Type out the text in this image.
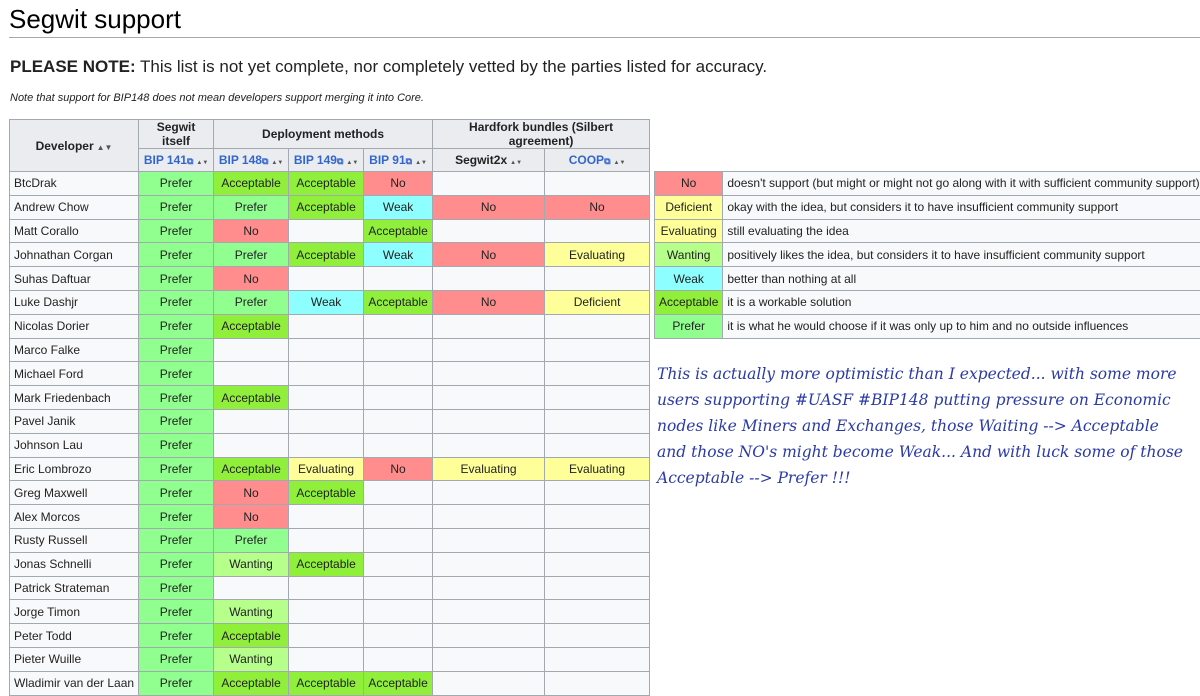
Segwit support
PLEASE NOTE: This list is not yet complete, nor completely vetted by the parties listed for accuracy.
Note that support for BIP148 does not mean developers support merging it into Core.
Developer ▲▼	Segwit itself	Deployment methods			Hardfork bundles (Silbert agreement)	
	BIP 141⧉ ▲▼	BIP 148⧉ ▲▼	BIP 149⧉ ▲▼	BIP 91⧉ ▲▼	Segwit2x ▲▼	COOP⧉ ▲▼
BtcDrak	Prefer	Acceptable	Acceptable	No		
Andrew Chow	Prefer	Prefer	Acceptable	Weak	No	No
Matt Corallo	Prefer	No		Acceptable		
Johnathan Corgan	Prefer	Prefer	Acceptable	Weak	No	Evaluating
Suhas Daftuar	Prefer	No				
Luke Dashjr	Prefer	Prefer	Weak	Acceptable	No	Deficient
Nicolas Dorier	Prefer	Acceptable				
Marco Falke	Prefer					
Michael Ford	Prefer					
Mark Friedenbach	Prefer	Acceptable				
Pavel Janik	Prefer					
Johnson Lau	Prefer					
Eric Lombrozo	Prefer	Acceptable	Evaluating	No	Evaluating	Evaluating
Greg Maxwell	Prefer	No	Acceptable			
Alex Morcos	Prefer	No				
Rusty Russell	Prefer	Prefer				
Jonas Schnelli	Prefer	Wanting	Acceptable			
Patrick Strateman	Prefer					
Jorge Timon	Prefer	Wanting				
Peter Todd	Prefer	Acceptable				
Pieter Wuille	Prefer	Wanting				
Wladimir van der Laan	Prefer	Acceptable	Acceptable	Acceptable		
No	doesn't support (but might or might not go along with it with sufficient community support)
Deficient	okay with the idea, but considers it to have insufficient community support
Evaluating	still evaluating the idea
Wanting	positively likes the idea, but considers it to have insufficient community support
Weak	better than nothing at all
Acceptable	it is a workable solution
Prefer	it is what he would choose if it was only up to him and no outside influences
This is actually more optimistic than I expected... with some more users supporting #UASF #BIP148 putting pressure on Economic nodes like Miners and Exchanges, those Waiting --> Acceptable and those NO's might become Weak... And with luck some of those Acceptable --> Prefer !!!
